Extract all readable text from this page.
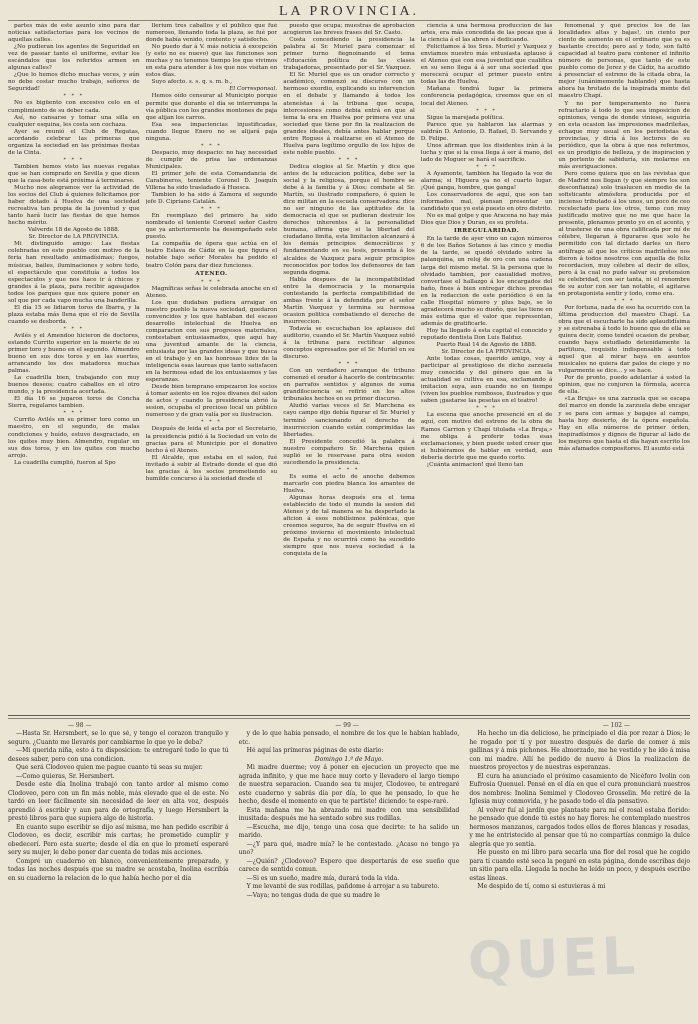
LA PROVINCIA.

partes más de este asunto sino para dar noticias satisfactorias para los vecinos de aquellas calles.

¿No pudieran los agentes de Seguridad en vez de pasear tanto el uniforme, evitar los escándalos que los referidos armen en algunas calles?

¿Que lo hemos dicho muchas veces, y aún no debe costar mucho trabajo, señores de Seguridad!

* * *

No es bigüento con excesivo celo en el cumplimiento de su deber cada.

Así, no cansarse y tomar una silla en cualquier esquina, les costa son cochaza.

Ayer se reunió el Club de Regatas, acordando celebrar las primeras que organiza la sociedad en las próximas fiestas de la Cinta.

* * *

Tambien hemos visto las nuevas regatas que se han comprado en Sevilla y que dicen que la casa-bote está próxima á terminarse.

Mucho nos alegramos ver la actividad de los socios del Club á quienes felicitamos por haber dotado á Huelva de una sociedad recreativa tan propia de la juventud y que tanto hará lucir las fiestas de que hemos hecho mérito.

Valverde 18 de Agosto de 1888.

Sr. Director de LA PROVINCIA.

Mi distinguido amigo: Las fiestas celebradas en este pueblo con motivo de la feria han resultado animadísimas; fuegos, músicas, bailes, iluminaciones y sobre todo, el espectáculo que constituía a todos los espectaculos y que nos hace ir á chicos y grandes á la plaza, para recibir agasajados todos los parques que nos quiere poner en sol que por cada vapo mucha una banderilla.

El día 15 se lidiaron toros de Ibarra, y la plaza estaba más llena que el río de Sevilla cuando se desborda.

* * *

Avilés y el Amendoo hicieron de doctores, estando Currito superior en la muerte de su primer toro y bueno en el segundo. Almendro bueno en sus dos toros y en las suertes, arrancando los dos matadores muchas palmas.

La cuadrilla bien, trabajando con muy buenos deseos; cuatro caballos en el otro mundo, y la presidencia acertada.

El día 16 se jugaron toros de Concha Sierra, regulares tambien.

* * *

Currito Avilés en su primer toro como un maestro, en el segundo, de malas condiciones y huído, estuvo desgraciado, en los quites muy bien. Almendro, regular en sus dos toros, y en los quites con mucho arrojo.

La cuadrilla cumplió, fueron al Spo

llerium tres caballos y el público que fué numeroso, llenando toda la plaza, se fué por donde había venido, contento y satisfecho.

No puedo dar á V. más noticia á excepción (y esto no es nuevo) que las funciones son muchas y no tenemos tiempo los que vivimos en esta para atender á los que nos visitan en estos días.

Suyo afecto. s. s. q. s. m. b.,

El Corresponsal.

Hemos oído censurar al Municipio porque permite que durante el día se interrumpa la vía pública con los grandes montones de paja que alijan los carros.

Esa sea impaciencias injustificadas, cuando llegue Enero no se alijará paja ninguna.

* * *

Despacio, muy despacio: no hay necesidad de cumplir de prisa las ordenanzas Municipales.

El primer jefe de esta Comandancia de Carabineros, teniente Coronel D. Joaquín Villena ha sido trasladado á Huesca.

Tambien lo ha sido á Zamora el segundo jefe D. Cipriano Catalán.

* * *

En reemplazo del primero ha sido nombrado el teniente Coronel señor Castro que ya anteriormente ha desempeñado este puesto.

La compañía de ópera que actúa en el teatro Eslava de Cádiz en la que figura el notable bajo señor Morales ha pedido el teatro Colón para dar diez funciones.

ATENEO.

* * *

Magníficas señas le celebrada anoche en el Ateneo.

Los que dudaban pudiera arraigar en nuestro pueblo la nueva sociedad, quedaron convencidos y los que hablaban del escaso desarrollo intelectual de Huelva en comparacion con sus progresos materiales, contestaban entusiasmados, que aquí hay una juventud amante de la ciencia, entusiasta por las grandes ideas y que busca en el trabajo y en las honrosas lides de la inteligencia esas laureas que tanto satisfacen en la hermosa edad de los entusiasmos y las esperanzas.

Desde bien temprano empezaron los socios á tomar asiento en los rojos divanes del salon de actos y cuando la presidencia abrió la sesion, ocupaba el precioso local un público numeroso y de gran valía por su ilustracion.

* * *

Después de leida el acta por el Secretario, la presidencia pidió á la Sociedad un voto de gracias para el Municipio por el donativo hecho á el Ateneo.

El Alcalde, que estaba en el salon, fué invitado á subir al Estrado donde el que dió las gracias á los socios prometiendo su humilde concurso á la sociedad desde el

puesto que ocupa; muestras de aprobación acogieron las breves frases del Sr. Casto.

Costa concediendo la presidencia la palabra al Sr. Muriel para comenzar el primer turno fiegnoinando el tema «Educación política de las clases trabajadoras, presentado por el Sr. Vazquez.

El Sr. Muriel que es un orador correcto y académico, comenzó su discurso con un hermoso exordio, explicando su intervencion en el debate y llamando á todos los ateneístas á la tribuna que ocupa, intercesiones como debia entrá en que al tema la era en Huelva por primera vez una sociedad que tiene por fin la realizacion de grandes ideales, debía antes hablar porque entre Rogues á realizarse en el Ateneo de Huelva para legítimo orgullo de los hijos de este noble pueblo.

* * *

Dedica elogios al Sr. Martín y dice que antes de la educacion política, debe ser la social y la religiosa, porque el hombre se debe á la familia y á Dios; combate al Sr. Martín, su ilustrado compañero, ó quien le dice militan en la escuela conservadora: dice no ser ninguno de las aptitudes de la democracia el que se pudieran destruir los derechos inherentes á la personalidad humana, afirma que si la libertad del ciudadano limita, esta limitacion alcanzará á los demás principios democráticos y fundamentando en su tesis, presenta á los alcaldes de Vazquez para seguir principios reconocidos por todos los defensores de tan segunda dogma.

Habla despues de la incompatibilidad entre la democracia y la monarquía contestando la perfecta compatibilidad de ambas frente á la defendida por el señor Martín Vazquez y termina su hermosa ocasion politica combatiendo el derecho de insurreccion.

Todavía se escuchaban los aplausos del auditorio, cuando el Sr. Martín Vazquez subió á la tribuna para rectificar algunos conceptos expresados por el Sr. Muriel en su discurso.

* * *

Con un verdadero arranque de tribuno comenzó el orador á hacerlo de contrincante: en parrafos sentidos y algunos de suma grandilocuencia se refirió en los altos tribunales hechos en su primer discurso.

Aludió varias veces el Sr. Marchena es cayo campo dijo debía figurar el Sr. Muriel y terminó sancionando el derecho de insurreccion cuando están comprimidas las libertades.

El Presidente concedió la palabra á nuestro compañero Sr. Marchena quien suplió se le reservase para otra sesion sucediendo la presidencia.

* * *

Es suma el acto de anoche debemos marcarlo con piedra blanca los amantes de Huelva.

Algunas horas después era el tema establecido de todo el mundo la sesion del Ateneo y de tal manera se ha despertado la aficion á esos nobilísimos palénicas, que creemos seguros, ha de seguir Huelva en el próximo invierno el movimiento intelectual de España y no ocurrirá como ha sucedido siempre que nos nueva sociedad á la conquista de la

ciencia á una hermosa produccion de las artes, era más concedida de las pocas que á la ciencia á el las abren sí dedicando.

Felicitamos á los Sres. Muriel y Vazquez y enviamos nuestro más entusiasta aplauso á el Ateneo que con esa juventud que cualifica en su seno llega á á ser una sociedad que merecerá ocupar el primer puesto entre todas las de Huelva.

Mañana tendrá lugar la primera conferencia pedagógica, creemos que en el local del Ateneo.

* * *

Sigue la marejada política.

Parece que ya hablaron las alarmas y saldrán D. Antonio, D. Rafael, D. Servando y D. Felipe.

Unos afirman que los disidentes irán á la lucha y que si la cosa llega á ser á mano, del lado de Moguer se hará el sacrificio.

* * *

A Ayamonte, tambien ha llegado la voz de alarma; si Higuera ya no el cuarto lugar. ¡Qué ganga, hombre, que ganga!

Los conservadores de aquí, que son tan informados mal, piensan presentar un candidato que yo está puesto en otro distrito.

No es mal golpe y que Aracena no hay más Dios que Dios y Duran, es su profeta.

IRREGULARIDAD.

En la tarde de ayer vino un cajon números 6 de los Baños Sotanos á las cinco y media de la tarde, se quedó olvidado sobre la palanquina, un reloj de oro con una cadena larga del mismo metal. Si la persona que lo olvidado tambien, por casualidad motivo, convertase el hallazgo á los encargados del baño, fines á bien entregar dichos prendas en la redaccion de este periódico ó en la calle Hospital número y plus bajo, se lo agradecerá mucho su dueño, que las tiene en más estima que el valor que representan, además de gratificarle.

Hoy ha llegado á esta capital el conocido y reputado dentista Don Luis Balduz.

Puerto Real 14 de Agosto de 1888.

Sr. Director de LA PROVINCIA.

Ante todas cosas, querido amigo, voy á participar al prestigioso de dicho zarzuela muy conocida y del género que en la actualidad se cultiva en esa, exclamando á imitacion suya, aun cuando no en tiempo (viven los pueblos rumbosos, ilustrados y que saben ¡gastarse las pesetas en el teatro!

* * *

La escena que anoche presencié en el de aquí, con motivo del estreno de la obra de Ramos Carrion y Chapí titulada «La Bruja,» me obliga á proferir todas esas exclamaciones, y bien puede usted creer que si hubiéramos de hablar en verdad, aun debería decirle que me quedo corto.

¡Cuánta animacion! qué lleno tan

fenomenal y qué precios los de las localidades altas y bajas!, un ciento por ciento de aumento en el ordinario que ya es bastante crecido; pero así y todo, son faltó capacidad al teatro para contener el infinito número de personas, que tanto de este pueblo como de Jerez y de Cádiz, ha acudido á presenciar el estreno de la citada obra, la mejor (unánimemente hablando) que hasta ahora ha brotado de la inspirada mente del maestro Chapí.

Y no por temperamento no fuera refractario á todo lo que sea imposicion de opiniones, venga de donde viniese, seguiría en esta ocasion las impresiones madrileñas, echaque muy usual en los periodistas de provincias, y diría á los lectores de su periódico, que la obra á que nos referimos, es un prodigio de belleza, y de inspiracion y un portento de sabiduría, sin molarme en más averiguaciones.

Pero como quiera que en las revistas que de Madrid nos llegan (y que siempre los son desconfianza) solo traslucen en medio de la sofisticante atmósfera producida por el incienso tributado á los unos, un poco de ceo recelectado para los otros, temo con muy justificado motivo que no me que hace la presente, plenamos pronto yo en el acento, y al trasterse de una obra calificada por mí de célebre, llegaran á figurarse que solo he permitido con tal dictado darles un fiero antífrago al que los críticos madrileños nos dieron á todos nosotros con aquella de feliz recordacion, muy célebre al decir de ellos, pero á la cual no pudo salvar su pretension su celebridad, con ser tanta, ni el renombre de su autor con ser tan notable, el agitarse en protagonista sentir y todo, como era.

* * *

Por fortuna, nada de eso ha ocurrido con la última produccion del maestro Chapí. La obra que el escucharle ha sido aplaudidísima y se estrenaba á todo lo bueno que de ella se quiera decir, como tendré ocasion de probar, cuando haya estudiado detenidamente la partitura, requisito indispensable á todo aquel que al mirar haya en asuntos musicales no quiera dar palos de ciego y no vulgarmente se dice... y se hace.

Por de pronto, puedo adelantar á usted la opinion, que no conjuren la fórmula, acerca de ella.

«La Bruja» es una zarzuela que se escapa del marco en donde la zarzuela debe encajar y se para con armas y bagajes al campo, hasta hoy desierto, de la ópera española. Hay en ella números de primer órden, inspiradísimos y dignos de figurar al lado de los mejores que hasta el día hayan escrito los más afamados compositores. El asunto está

— 98 —	— 99 —	— 102 —

—Hasta Sr. Hersmbert, se lo que sé, y tengo el corazon tranquilo y seguro. ¿Cuanto me llevarés por cambiarme lo que yo le deba?

—Mi querida niña, esto á tu disposicion: te entregaré todo lo que tú desees saber, pero con una condicion.

Que será Clodoveo quien me pague cuanto tú seas su mujer.

—Como quieras, Sr. Hersmbert.

Desde este día Inolina trabajó con tanto ardor al mismo como Clodoveo, pero con un fin más noble, más elevado que el de este. No tardó en leer fácilmente sin necesidad de leer en alta voz, después aprendió á escribir y aun para de ortografía, y luego Hersmbert la prestó libros para que supiera algo de historia.

En cuanto supo escribir se dijo así misma, me han pedido escribir á Clodoveo, es decir, escribir mis cartas; he prometido cumplir y obedecerí. Pero esta suerte; desde el día en que lo prometí esperaré sery su mujer, le debo poner dar cuenta de todas mis acciones.

Compré un cuaderno en blanco, convenientemente preparado, y todas las noches después que su madre se acostaba, Inolina escribía en su cuaderno la relacion de lo que había hecho por el día

y de lo que había pensado, el nombre de los que le habían hablado, etc.

Hé aquí las primeras páginas de este diario:

Domingo 1.º de Mayo.

Mi madre duerme; voy á poner en ejecucion un proyecto que me agrada infinito, y que me hace muy corto y llevadero el largo tiempo de nuestra separacion. Cuando sea tu mujer, Clodoveo, te entregaré este cuaderno y sabrás día por día, lo que he pensado, lo que he hecho, desde el momento en que te partiste! diciendo: te espe-raré.

Esta mañana me ha abrazado mi madre con una sensibilidad inusitada: después me ha sentado sobre sus rodillas.

—Escucha, me dijo, tengo una cosa que decirte: te ha salido un marido.

—¿Y para qué, madre mía? le he contestado. ¿Acaso no tengo ya uno?

—¿Quién? ¿Clodoveo? Espero que despertarás de ese sueño que carece de sentido comun.

—Si es un sueño, madre mía, durará toda la vida.

Y me levanté de sus rodillas, pañdome á arrojar a su tabureto.

—Vaya; no tengas duda de que su madre le

Ha hecho un día delicioso, he principiado el día por rezar á Dios; le he rogado por tí y por nuestro después de darle de comer á mis gallinas y á mis pichones. He almorzado, me he vestido y he ido á misa con mi madre. Allí he pedido de nuevo á Dios la realizacion de nuestros proyectos y de nuestras esperanzas.

El cura ha anunciado el próximo casamiento de Nicéforo Ivolin con Eufrosia Quenuel. Pensé en el día en que el cura pronunciará nuestros dos nombres: Inolina Semimel y Clodoveo Grosselin. Me retiré de la Iglesia muy conmovida, y he pasado todo el día pensativo.

Al volver fuí al jardín que plantaste para mí el rosal estaba florido: he pensado que donde tú estés no hay flores: he contemplado nuestros hermosos manzanos, cargados todos ellos de flores blancas y rosadas, y me he entristecido al pensar que tú no compartías conmigo la dulce alegría que yo sentía.

He puesto en mi libro para secarla una flor del rosal que he cogido para tí cuando esté seca la pegaré en esta página, donde escribas dejo un sitio para ella. Llegada la noche he leído un poco, y después escribo estas líneas.

Me despido de tí, como si estuvieras á mi

QUEL
